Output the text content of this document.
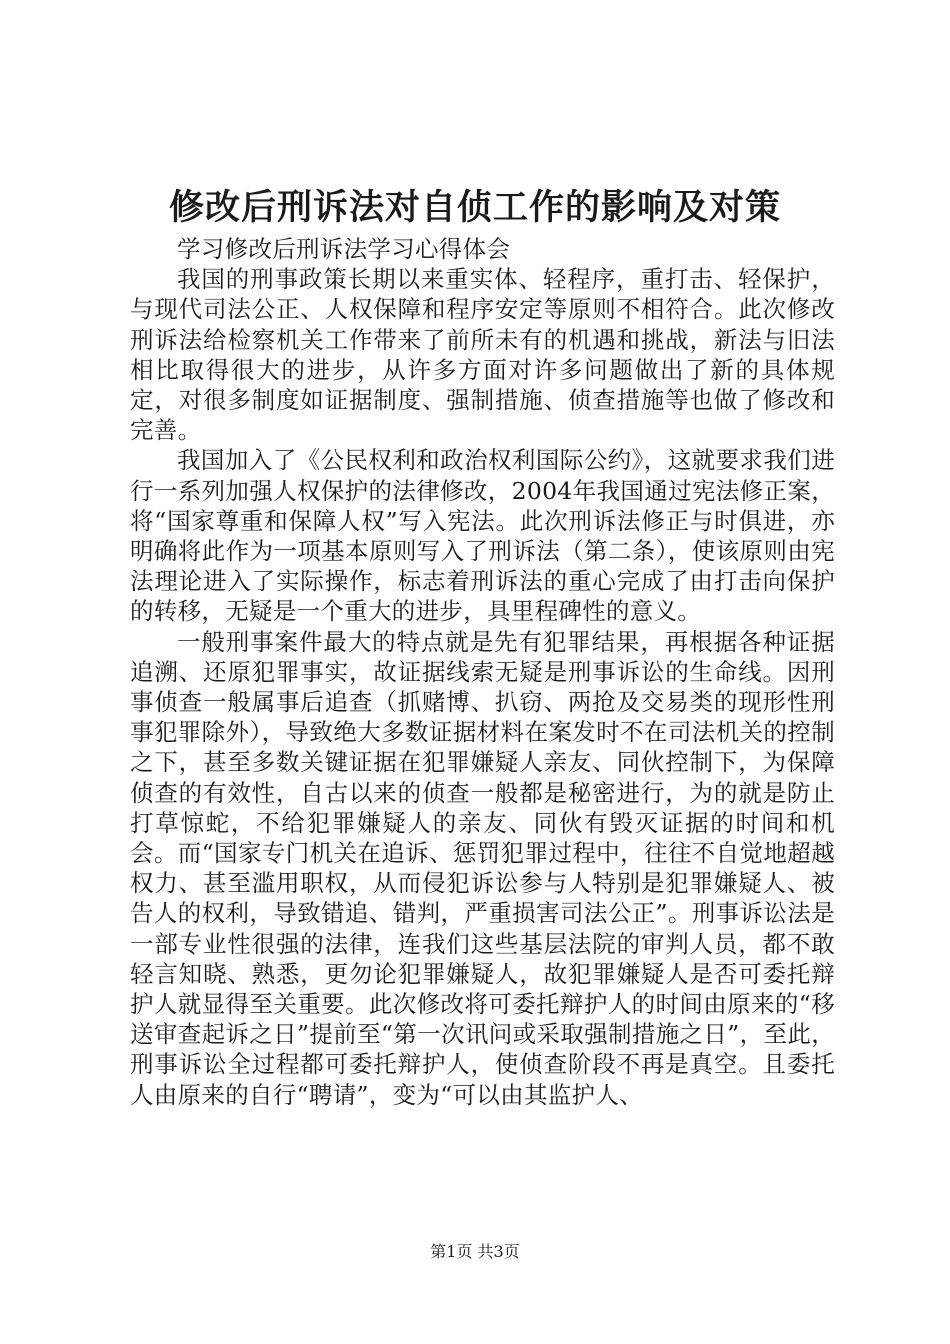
修改后刑诉法对自侦工作的影响及对策

学习修改后刑诉法学习心得体会

我国的刑事政策长期以来重实体、轻程序，重打击、轻保护，与现代司法公正、人权保障和程序安定等原则不相符合。此次修改刑诉法给检察机关工作带来了前所未有的机遇和挑战，新法与旧法相比取得很大的进步，从许多方面对许多问题做出了新的具体规定，对很多制度如证据制度、强制措施、侦查措施等也做了修改和完善。

我国加入了《公民权利和政治权利国际公约》，这就要求我们进行一系列加强人权保护的法律修改，2004年我国通过宪法修正案，将“国家尊重和保障人权”写入宪法。此次刑诉法修正与时俱进，亦明确将此作为一项基本原则写入了刑诉法（第二条），使该原则由宪法理论进入了实际操作，标志着刑诉法的重心完成了由打击向保护的转移，无疑是一个重大的进步，具里程碑性的意义。

一般刑事案件最大的特点就是先有犯罪结果，再根据各种证据追溯、还原犯罪事实，故证据线索无疑是刑事诉讼的生命线。因刑事侦查一般属事后追查（抓赌博、扒窃、两抢及交易类的现形性刑事犯罪除外），导致绝大多数证据材料在案发时不在司法机关的控制之下，甚至多数关键证据在犯罪嫌疑人亲友、同伙控制下，为保障侦查的有效性，自古以来的侦查一般都是秘密进行，为的就是防止打草惊蛇，不给犯罪嫌疑人的亲友、同伙有毁灭证据的时间和机会。而“国家专门机关在追诉、惩罚犯罪过程中，往往不自觉地超越权力、甚至滥用职权，从而侵犯诉讼参与人特别是犯罪嫌疑人、被告人的权利，导致错追、错判，严重损害司法公正”。刑事诉讼法是一部专业性很强的法律，连我们这些基层法院的审判人员，都不敢轻言知晓、熟悉，更勿论犯罪嫌疑人，故犯罪嫌疑人是否可委托辩护人就显得至关重要。此次修改将可委托辩护人的时间由原来的“移送审查起诉之日”提前至“第一次讯问或采取强制措施之日”，至此，刑事诉讼全过程都可委托辩护人，使侦查阶段不再是真空。且委托人由原来的自行“聘请”，变为“可以由其监护人、

第1页 共3页
